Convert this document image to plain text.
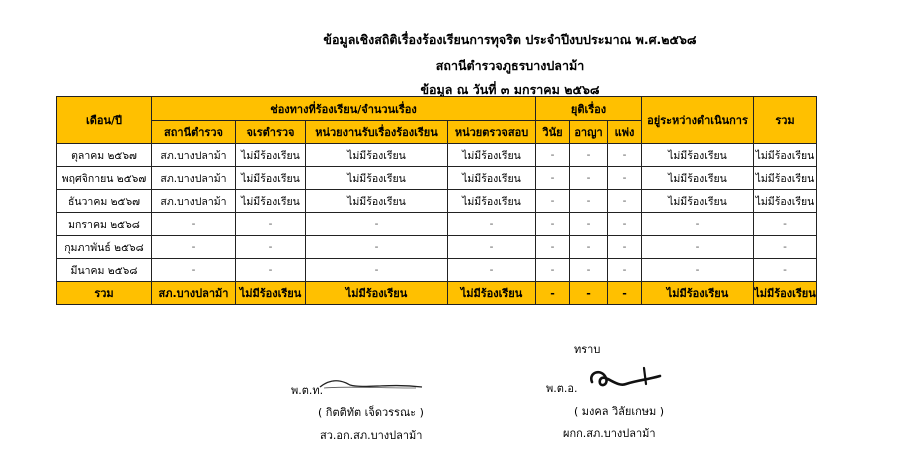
ข้อมูลเชิงสถิติเรื่องร้องเรียนการทุจริต ประจำปีงบประมาณ พ.ศ.๒๕๖๘
สถานีตำรวจภูธรบางปลาม้า
ข้อมูล ณ วันที่ ๓ มกราคม ๒๕๖๘
เดือน/ปี	ช่องทางที่ร้องเรียน/จำนวนเรื่อง				ยุติเรื่อง			อยู่ระหว่างดำเนินการ	รวม
	สถานีตำรวจ	จเรตำรวจ	หน่วยงานรับเรื่องร้องเรียน	หน่วยตรวจสอบ	วินัย	อาญา	แพ่ง		
ตุลาคม ๒๕๖๗	สภ.บางปลาม้า	ไม่มีร้องเรียน	ไม่มีร้องเรียน	ไม่มีร้องเรียน	-	-	-	ไม่มีร้องเรียน	ไม่มีร้องเรียน
พฤศจิกายน ๒๕๖๗	สภ.บางปลาม้า	ไม่มีร้องเรียน	ไม่มีร้องเรียน	ไม่มีร้องเรียน	-	-	-	ไม่มีร้องเรียน	ไม่มีร้องเรียน
ธันวาคม ๒๕๖๗	สภ.บางปลาม้า	ไม่มีร้องเรียน	ไม่มีร้องเรียน	ไม่มีร้องเรียน	-	-	-	ไม่มีร้องเรียน	ไม่มีร้องเรียน
มกราคม ๒๕๖๘	-	-	-	-	-	-	-	-	-
กุมภาพันธ์ ๒๕๖๘	-	-	-	-	-	-	-	-	-
มีนาคม ๒๕๖๘	-	-	-	-	-	-	-	-	-
รวม	สภ.บางปลาม้า	ไม่มีร้องเรียน	ไม่มีร้องเรียน	ไม่มีร้องเรียน	-	-	-	ไม่มีร้องเรียน	ไม่มีร้องเรียน
ทราบ
พ.ต.ท.
( กิตติทัต เจ็ดวรรณะ )
สว.อก.สภ.บางปลาม้า
พ.ต.อ.
( มงคล วิลัยเกษม )
ผกก.สภ.บางปลาม้า
